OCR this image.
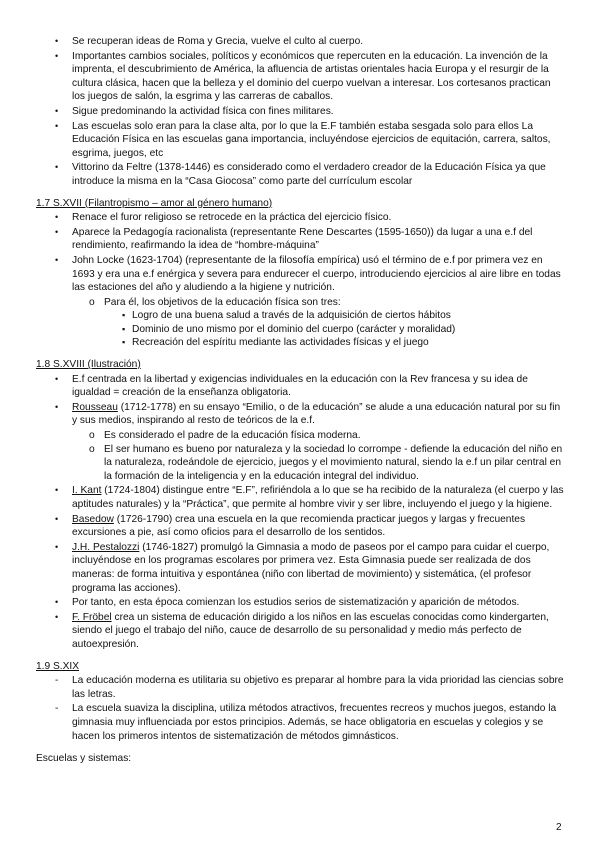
• Se recuperan ideas de Roma y Grecia, vuelve el culto al cuerpo.
• Importantes cambios sociales, políticos y económicos que repercuten en la educación. La invención de la imprenta, el descubrimiento de América, la afluencia de artistas orientales hacia Europa y el resurgir de la cultura clásica, hacen que la belleza y el dominio del cuerpo vuelvan a interesar. Los cortesanos practican los juegos de salón, la esgrima y las carreras de caballos.
• Sigue predominando la actividad física con fines militares.
• Las escuelas solo eran para la clase alta, por lo que la E.F también estaba sesgada solo para ellos La Educación Física en las escuelas gana importancia, incluyéndose ejercicios de equitación, carrera, saltos, esgrima, juegos, etc
• Vittorino da Feltre (1378-1446) es considerado como el verdadero creador de la Educación Física ya que introduce la misma en la “Casa Giocosa” como parte del currículum escolar
1.7 S.XVII (Filantropismo – amor al género humano)
• Renace el furor religioso se retrocede en la práctica del ejercicio físico.
• Aparece la Pedagogía racionalista (representante Rene Descartes (1595-1650)) da lugar a una e.f del rendimiento, reafirmando la idea de “hombre-máquina”
• John Locke (1623-1704) (representante de la filosofía empírica) usó el término de e.f por primera vez en 1693 y era una e.f enérgica y severa para endurecer el cuerpo, introduciendo ejercicios al aire libre en todas las estaciones del año y aludiendo a la higiene y nutrición.
o Para él, los objetivos de la educación física son tres:
▪ Logro de una buena salud a través de la adquisición de ciertos hábitos
▪ Dominio de uno mismo por el dominio del cuerpo (carácter y moralidad)
▪ Recreación del espíritu mediante las actividades físicas y el juego
1.8 S.XVIII (Ilustración)
• E.f centrada en la libertad y exigencias individuales en la educación con la Rev francesa y su idea de igualdad = creación de la enseñanza obligatoria.
• Rousseau (1712-1778) en su ensayo “Emilio, o de la educación” se alude a una educación natural por su fin y sus medios, inspirando al resto de teóricos de la e.f.
o Es considerado el padre de la educación física moderna.
o El ser humano es bueno por naturaleza y la sociedad lo corrompe - defiende la educación del niño en la naturaleza, rodeándole de ejercicio, juegos y el movimiento natural, siendo la e.f un pilar central en la formación de la inteligencia y en la educación integral del individuo.
• I. Kant (1724-1804) distingue entre “E.F”, refiriéndola a lo que se ha recibido de la naturaleza (el cuerpo y las aptitudes naturales) y la “Práctica”, que permite al hombre vivir y ser libre, incluyendo el juego y la higiene.
• Basedow (1726-1790) crea una escuela en la que recomienda practicar juegos y largas y frecuentes excursiones a pie, así como oficios para el desarrollo de los sentidos.
• J.H. Pestalozzi (1746-1827) promulgó la Gimnasia a modo de paseos por el campo para cuidar el cuerpo, incluyéndose en los programas escolares por primera vez. Esta Gimnasia puede ser realizada de dos maneras: de forma intuitiva y espontánea (niño con libertad de movimiento) y sistemática, (el profesor programa las acciones).
• Por tanto, en esta época comienzan los estudios serios de sistematización y aparición de métodos.
• F. Fröbel crea un sistema de educación dirigido a los niños en las escuelas conocidas como kindergarten, siendo el juego el trabajo del niño, cauce de desarrollo de su personalidad y medio más perfecto de autoexpresión.
1.9 S.XIX
- La educación moderna es utilitaria su objetivo es preparar al hombre para la vida prioridad las ciencias sobre las letras.
- La escuela suaviza la disciplina, utiliza métodos atractivos, frecuentes recreos y muchos juegos, estando la gimnasia muy influenciada por estos principios. Además, se hace obligatoria en escuelas y colegios y se hacen los primeros intentos de sistematización de métodos gimnásticos.
Escuelas y sistemas:
2
